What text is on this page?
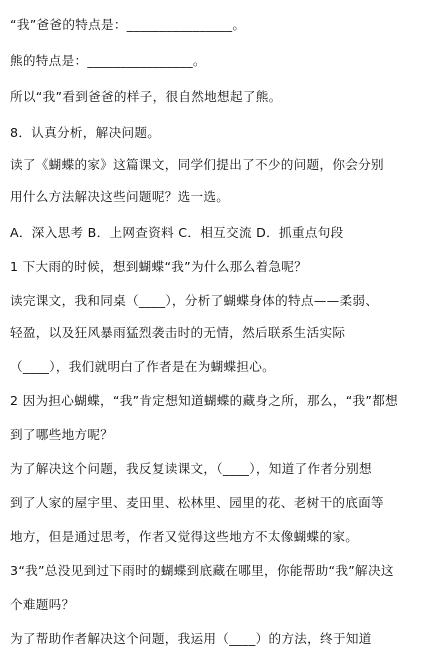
“我”爸爸的特点是：________________。
熊的特点是：________________。
所以“我”看到爸爸的样子，很自然地想起了熊。
8．认真分析，解决问题。
读了《蝴蝶的家》这篇课文，同学们提出了不少的问题，你会分别
用什么方法解决这些问题呢？选一选。
A．深入思考 B．上网查资料 C．相互交流 D．抓重点句段
1 下大雨的时候，想到蝴蝶“我”为什么那么着急呢？
读完课文，我和同桌（____），分析了蝴蝶身体的特点——柔弱、
轻盈，以及狂风暴雨猛烈袭击时的无情，然后联系生活实际
（____），我们就明白了作者是在为蝴蝶担心。
2 因为担心蝴蝶，“我”肯定想知道蝴蝶的藏身之所，那么，“我”都想
到了哪些地方呢？
为了解决这个问题，我反复读课文，（____），知道了作者分别想
到了人家的屋宇里、麦田里、松林里、园里的花、老树干的底面等
地方，但是通过思考，作者又觉得这些地方不太像蝴蝶的家。
3“我”总没见到过下雨时的蝴蝶到底藏在哪里，你能帮助“我”解决这
个难题吗？
为了帮助作者解决这个问题，我运用（____）的方法，终于知道
